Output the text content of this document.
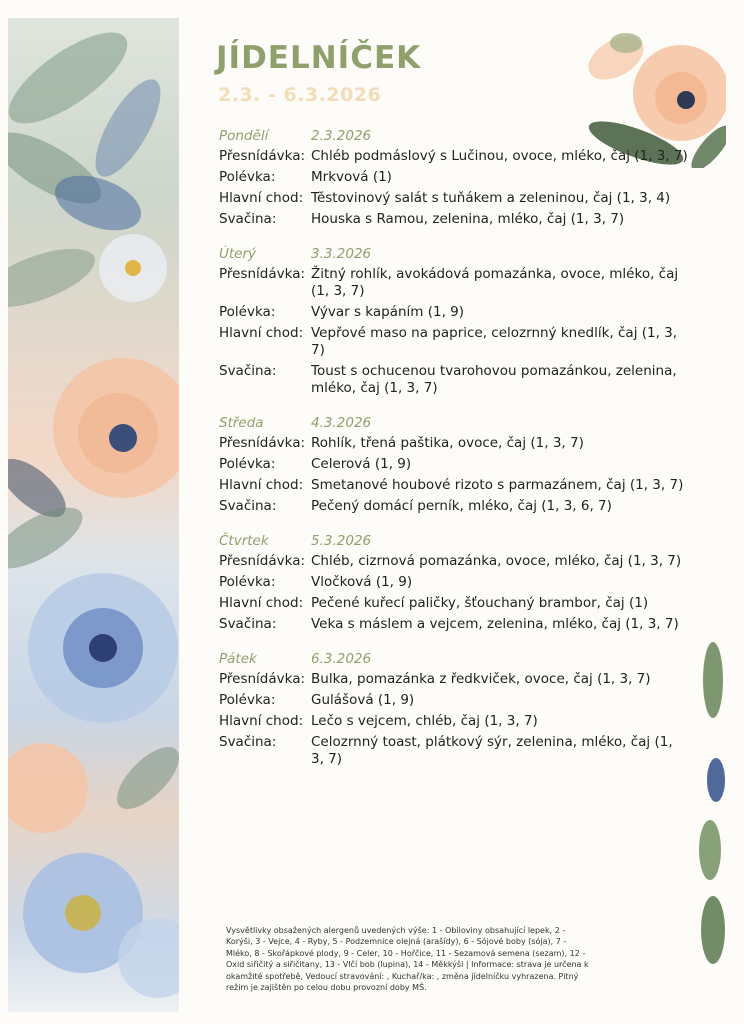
JÍDELNÍČEK
2.3. - 6.3.2026
Pondělí	2.3.2026
Přesnídávka: Chléb podmáslový s Lučinou, ovoce, mléko, čaj (1, 3, 7)
Polévka:	Mrkvová (1)
Hlavní chod: Těstovinový salát s tuňákem a zeleninou, čaj (1, 3, 4)
Svačina:	Houska s Ramou, zelenina, mléko, čaj (1, 3, 7)
Úterý	3.3.2026
Přesnídávka: Žitný rohlík, avokádová pomazánka, ovoce, mléko, čaj (1, 3, 7)
Polévka:	Vývar s kapáním (1, 9)
Hlavní chod: Vepřové maso na paprice, celozrnný knedlík, čaj (1, 3, 7)
Svačina:	Toust s ochucenou tvarohovou pomazánkou, zelenina, mléko, čaj (1, 3, 7)
Středa	4.3.2026
Přesnídávka: Rohlík, třená paštika, ovoce, čaj (1, 3, 7)
Polévka:	Celerová (1, 9)
Hlavní chod: Smetanové houbové rizoto s parmazánem, čaj (1, 3, 7)
Svačina:	Pečený domácí perník, mléko, čaj (1, 3, 6, 7)
Čtvrtek	5.3.2026
Přesnídávka: Chléb, cizrnová pomazánka, ovoce, mléko, čaj (1, 3, 7)
Polévka:	Vločková (1, 9)
Hlavní chod: Pečené kuřecí paličky, šťouchaný brambor, čaj (1)
Svačina:	Veka s máslem a vejcem, zelenina, mléko, čaj (1, 3, 7)
Pátek	6.3.2026
Přesnídávka: Bulka, pomazánka z ředkviček, ovoce, čaj (1, 3, 7)
Polévka:	Gulášová (1, 9)
Hlavní chod: Lečo s vejcem, chléb, čaj (1, 3, 7)
Svačina:	Celozrnný toast, plátkový sýr, zelenina, mléko, čaj (1, 3, 7)
Vysvětlivky obsažených alergenů uvedených výše: 1 - Obiloviny obsahující lepek, 2 - Korýši, 3 - Vejce, 4 - Ryby, 5 - Podzemnice olejná (arašídy), 6 - Sójové boby (sója), 7 - Mléko, 8 - Skořápkové plody, 9 - Celer, 10 - Hořčice, 11 - Sezamová semena (sezam), 12 - Oxid siřičitý a siřičitany, 13 - Vlčí bob (lupina), 14 - Měkkýši | Informace: strava je určena k okamžité spotřebě, Vedoucí stravování: , Kuchař/ka: , změna jídelníčku vyhrazena. Pitný režim je zajištěn po celou dobu provozní doby MŠ.
